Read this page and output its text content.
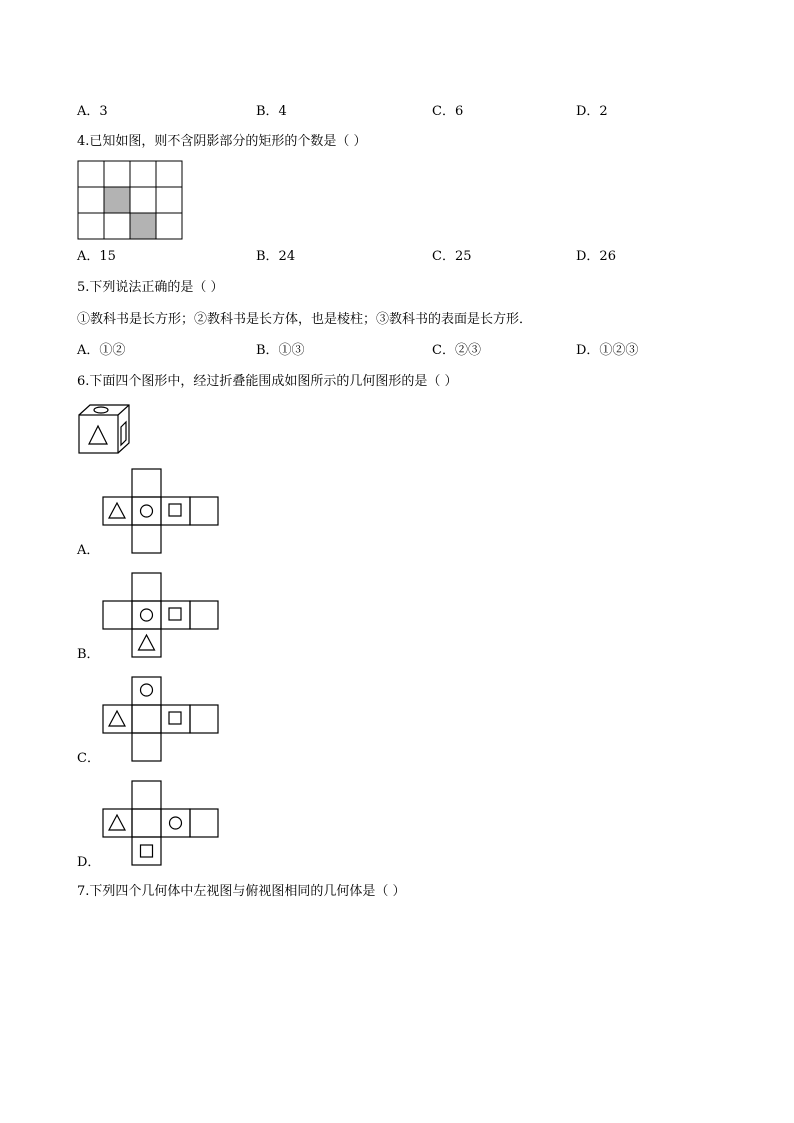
A．3	B．4	C．6	D．2
4.已知如图，则不含阴影部分的矩形的个数是（ ）
A．15	B．24	C．25	D．26
5.下列说法正确的是（ ）
①教科书是长方形；②教科书是长方体，也是棱柱；③教科书的表面是长方形．
A．①②	B．①③	C．②③	D．①②③
6.下面四个图形中，经过折叠能围成如图所示的几何图形的是（ ）
A．
B．
C．
D．
7.下列四个几何体中左视图与俯视图相同的几何体是（ ）
